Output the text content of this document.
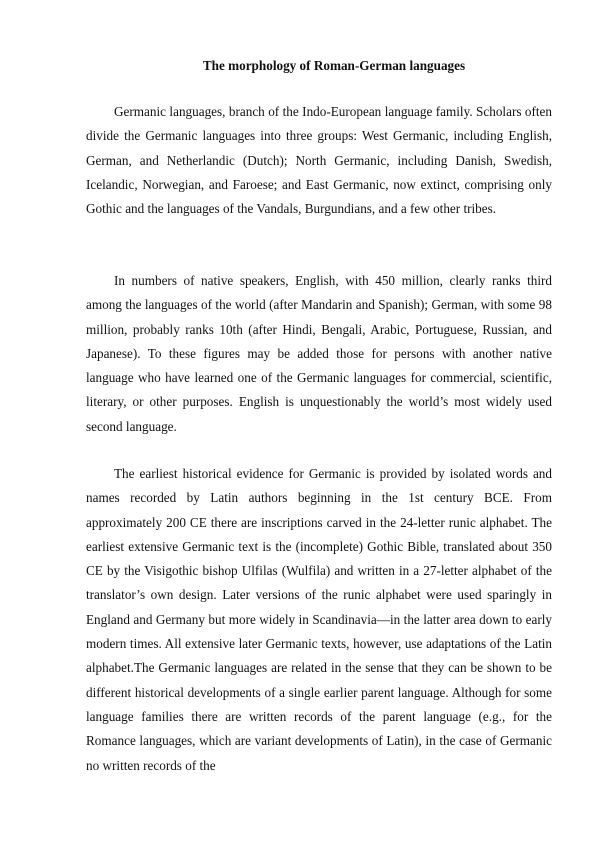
The morphology of Roman-German languages

Germanic languages, branch of the Indo-European language family. Scholars often divide the Germanic languages into three groups: West Germanic, including English, German, and Netherlandic (Dutch); North Germanic, including Danish, Swedish, Icelandic, Norwegian, and Faroese; and East Germanic, now extinct, comprising only Gothic and the languages of the Vandals, Burgundians, and a few other tribes.

In numbers of native speakers, English, with 450 million, clearly ranks third among the languages of the world (after Mandarin and Spanish); German, with some 98 million, probably ranks 10th (after Hindi, Bengali, Arabic, Portuguese, Russian, and Japanese). To these figures may be added those for persons with another native language who have learned one of the Germanic languages for commercial, scientific, literary, or other purposes. English is unquestionably the world’s most widely used second language.

The earliest historical evidence for Germanic is provided by isolated words and names recorded by Latin authors beginning in the 1st century BCE. From approximately 200 CE there are inscriptions carved in the 24-letter runic alphabet. The earliest extensive Germanic text is the (incomplete) Gothic Bible, translated about 350 CE by the Visigothic bishop Ulfilas (Wulfila) and written in a 27-letter alphabet of the translator’s own design. Later versions of the runic alphabet were used sparingly in England and Germany but more widely in Scandinavia—in the latter area down to early modern times. All extensive later Germanic texts, however, use adaptations of the Latin alphabet.The Germanic languages are related in the sense that they can be shown to be different historical developments of a single earlier parent language. Although for some language families there are written records of the parent language (e.g., for the Romance languages, which are variant developments of Latin), in the case of Germanic no written records of the
